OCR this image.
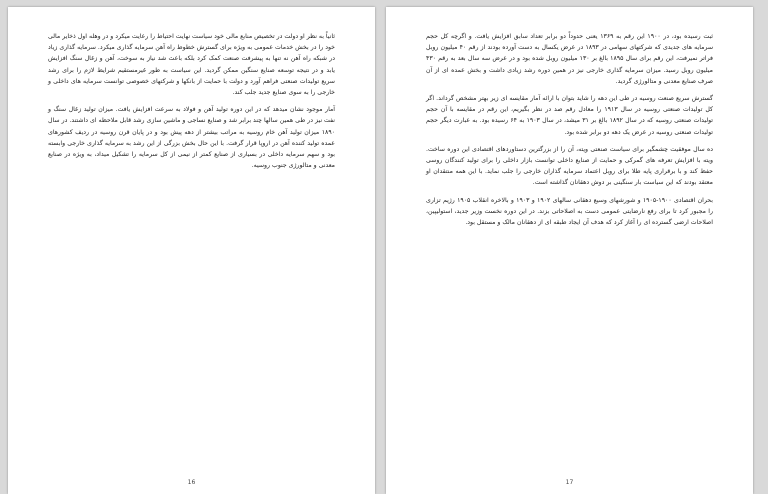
ثانیاً به نظر او دولت در تخصیص منابع مالی خود سیاست نهایت احتیاط را رعایت میکرد و در وهله اول ذخایر مالی خود را در بخش خدمات عمومی به ویژه برای گسترش خطوط راه آهن سرمایه گذاری میکرد. سرمایه گذاری زیاد در شبکه راه آهن نه تنها به پیشرفت صنعت کمک کرد بلکه باعث شد نیاز به سوخت، آهن و زغال سنگ افزایش یابد و در نتیجه توسعه صنایع سنگین ممکن گردید. این سیاست به طور غیرمستقیم شرایط لازم را برای رشد سریع تولیدات صنعتی فراهم آورد و دولت با حمایت از بانکها و شرکتهای خصوصی توانست سرمایه های داخلی و خارجی را به سوی صنایع جدید جلب کند.

آمار موجود نشان میدهد که در این دوره تولید آهن و فولاد به سرعت افزایش یافت. میزان تولید زغال سنگ و نفت نیز در طی همین سالها چند برابر شد و صنایع نساجی و ماشین سازی رشد قابل ملاحظه ای داشتند. در سال ۱۸۹۰ میزان تولید آهن خام روسیه به مراتب بیشتر از دهه پیش بود و در پایان قرن روسیه در ردیف کشورهای عمده تولید کننده آهن در اروپا قرار گرفت. با این حال بخش بزرگی از این رشد به سرمایه گذاری خارجی وابسته بود و سهم سرمایه داخلی در بسیاری از صنایع کمتر از نیمی از کل سرمایه را تشکیل میداد، به ویژه در صنایع معدنی و متالورژی جنوب روسیه.

16

ثبت رسیده بود، در ۱۹۰۰ این رقم به ۱۳۶۹ یعنی حدوداً دو برابر تعداد سابق افزایش یافت. و اگرچه کل حجم سرمایه های جدیدی که شرکتهای سهامی در ۱۸۹۳ در عرض یکسال به دست آورده بودند از رقم ۴۰ میلیون روبل فراتر نمیرفت، این رقم برای سال ۱۸۹۵ بالغ بر ۱۳۰ میلیون روبل شده بود و در عرض سه سال بعد به رقم ۴۳۰ میلیون روبل رسید. میزان سرمایه گذاری خارجی نیز در همین دوره رشد زیادی داشت و بخش عمده ای از آن صرف صنایع معدنی و متالورژی گردید.

گسترش سریع صنعت روسیه در طی این دهه را شاید بتوان با ارائه آمار مقایسه ای زیر بهتر مشخص گرداند. اگر کل تولیدات صنعتی روسیه در سال ۱۹۱۳ را معادل رقم صد در نظر بگیریم، این رقم در مقایسه با آن حجم تولیدات صنعتی روسیه که در سال ۱۸۹۲ بالغ بر ۳۱ میشد، در سال ۱۹۰۳ به ۶۴ رسیده بود. به عبارت دیگر حجم تولیدات صنعتی روسیه در عرض یک دهه دو برابر شده بود.

ده سال موفقیت چشمگیر برای سیاست صنعتی ویته، آن را از بزرگترین دستاوردهای اقتصادی این دوره ساخت. ویته با افزایش تعرفه های گمرکی و حمایت از صنایع داخلی توانست بازار داخلی را برای تولید کنندگان روسی حفظ کند و با برقراری پایه طلا برای روبل اعتماد سرمایه گذاران خارجی را جلب نماید. با این همه منتقدان او معتقد بودند که این سیاست بار سنگینی بر دوش دهقانان گذاشته است.

بحران اقتصادی ۱۹۰۰-۱۹۰۵ و شورشهای وسیع دهقانی سالهای ۱۹۰۲ و ۱۹۰۳ و بالاخره انقلاب ۱۹۰۵ رژیم تزاری را مجبور کرد تا برای رفع نارضایتی عمومی دست به اصلاحاتی بزند. در این دوره نخست وزیر جدید، استولیپین، اصلاحات ارضی گسترده ای را آغاز کرد که هدف آن ایجاد طبقه ای از دهقانان مالک و مستقل بود.

17
